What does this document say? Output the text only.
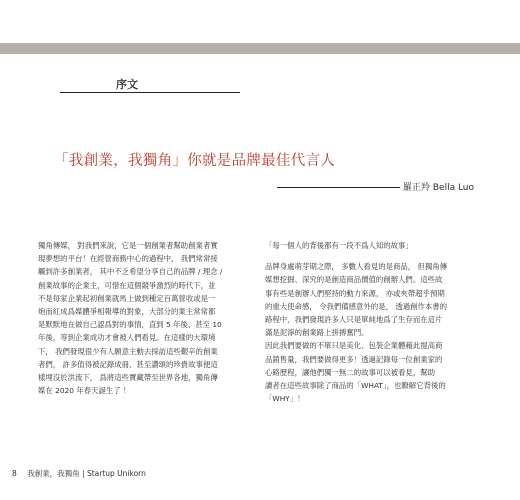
序文
「我創業，我獨角」你就是品牌最佳代言人
羅正羚 Bella Luo
獨角傳媒， 對我們來說，它是一個創業者幫助創業者實
現夢想的平台！在經營商務中心的過程中， 我們常常接
觸到許多創業者， 其中不乏希望分享自己的品牌 / 理念 /
創業故事的企業主，可惜在這個競爭激烈的時代下，並
不是每家企業起初創業就馬上做到種定百萬營收或是一
炮而紅成爲媒體爭相報導的對象，大部分的業主常常都
是默默地在做自己認爲對的事情，直到 5 年後、甚至 10
年後，等到企業成功才會被人們看見。在這樣的大環境
下， 我們發現很少有人願意主動去採訪這些艱辛的創業
者們， 許多值得被記錄成冊、甚至讚頌的珍貴故事便這
樣埋沒於洪流下， 爲將這些寶藏帶至世界各地，獨角傳
媒在 2020 年春天誕生了 ！
「每一個人的背後都有一段不爲人知的故事」
品牌身處萌芽期之際， 多數人看見的是商品， 但獨角傳
媒想挖掘、深究的是創造商品價值的創辦人們。這些故
事有些是創辦人們堅持的動力來源， 亦或夾帶超乎預期
的重大使命感， 令我們備感意外的是， 透過創作本書的
路程中，我們發現許多人只是單純地爲了生存而在這片
滿是泥濘的創業路上拼搏奮鬥。
因此我們要做的不單只是美化、包裝企業體藉此提高商
品銷售量，我們要做得更多！透過記錄每一位創業家的
心路歷程，讓他們獨一無二的故事可以被看見，幫助
讀者在這些故事除了商品的「WHAT」，也瞭解它背後的
「WHY」！
8 我創業，我獨角 | Startup Unikorn
